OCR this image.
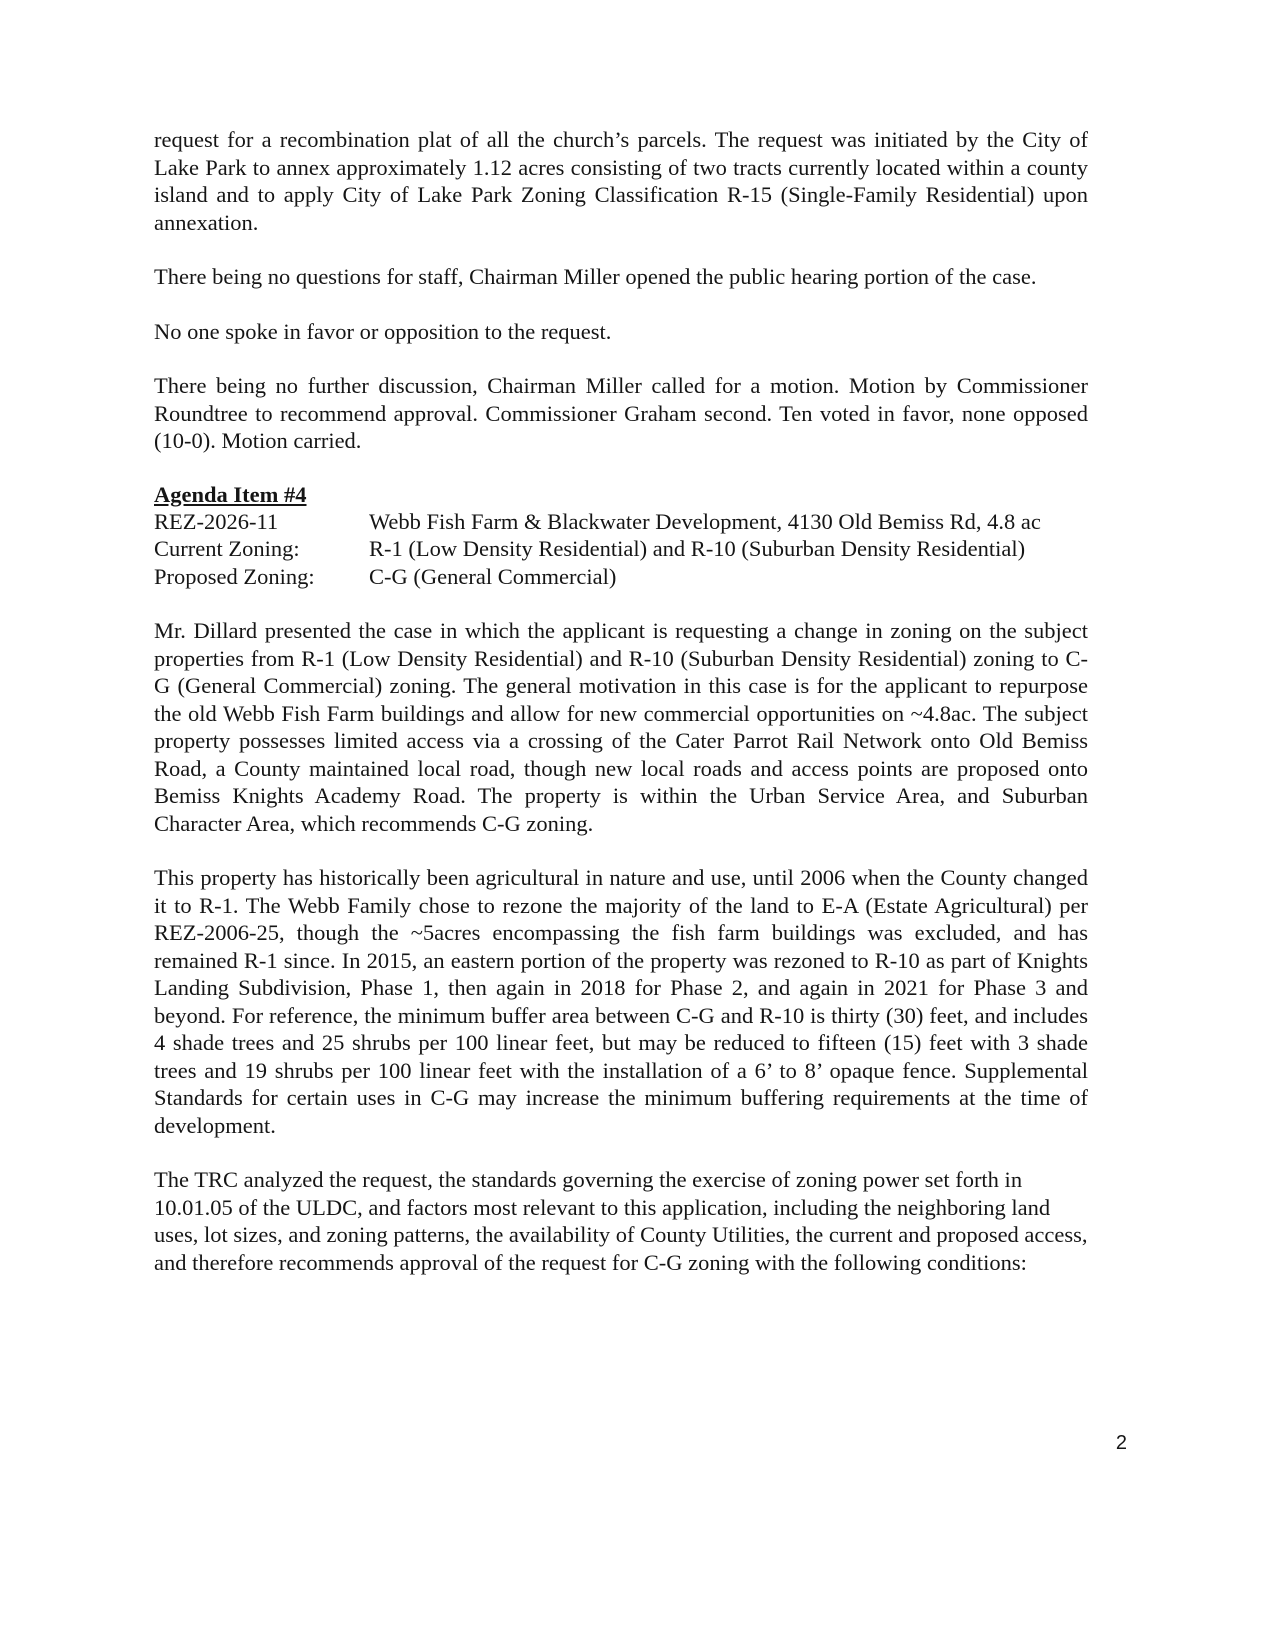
request for a recombination plat of all the church’s parcels. The request was initiated by the City of Lake Park to annex approximately 1.12 acres consisting of two tracts currently located within a county island and to apply City of Lake Park Zoning Classification R-15 (Single-Family Residential) upon annexation.

There being no questions for staff, Chairman Miller opened the public hearing portion of the case.

No one spoke in favor or opposition to the request.

There being no further discussion, Chairman Miller called for a motion. Motion by Commissioner Roundtree to recommend approval. Commissioner Graham second. Ten voted in favor, none opposed (10-0). Motion carried.

Agenda Item #4

REZ-2026-11	Webb Fish Farm & Blackwater Development, 4130 Old Bemiss Rd, 4.8 ac
Current Zoning:	R-1 (Low Density Residential) and R-10 (Suburban Density Residential)
Proposed Zoning:	C-G (General Commercial)

Mr. Dillard presented the case in which the applicant is requesting a change in zoning on the subject properties from R-1 (Low Density Residential) and R-10 (Suburban Density Residential) zoning to C-G (General Commercial) zoning. The general motivation in this case is for the applicant to repurpose the old Webb Fish Farm buildings and allow for new commercial opportunities on ~4.8ac. The subject property possesses limited access via a crossing of the Cater Parrot Rail Network onto Old Bemiss Road, a County maintained local road, though new local roads and access points are proposed onto Bemiss Knights Academy Road. The property is within the Urban Service Area, and Suburban Character Area, which recommends C-G zoning.

This property has historically been agricultural in nature and use, until 2006 when the County changed it to R-1. The Webb Family chose to rezone the majority of the land to E-A (Estate Agricultural) per REZ-2006-25, though the ~5acres encompassing the fish farm buildings was excluded, and has remained R-1 since. In 2015, an eastern portion of the property was rezoned to R-10 as part of Knights Landing Subdivision, Phase 1, then again in 2018 for Phase 2, and again in 2021 for Phase 3 and beyond. For reference, the minimum buffer area between C-G and R-10 is thirty (30) feet, and includes 4 shade trees and 25 shrubs per 100 linear feet, but may be reduced to fifteen (15) feet with 3 shade trees and 19 shrubs per 100 linear feet with the installation of a 6’ to 8’ opaque fence. Supplemental Standards for certain uses in C-G may increase the minimum buffering requirements at the time of development.

The TRC analyzed the request, the standards governing the exercise of zoning power set forth in 10.01.05 of the ULDC, and factors most relevant to this application, including the neighboring land uses, lot sizes, and zoning patterns, the availability of County Utilities, the current and proposed access, and therefore recommends approval of the request for C-G zoning with the following conditions:

2
